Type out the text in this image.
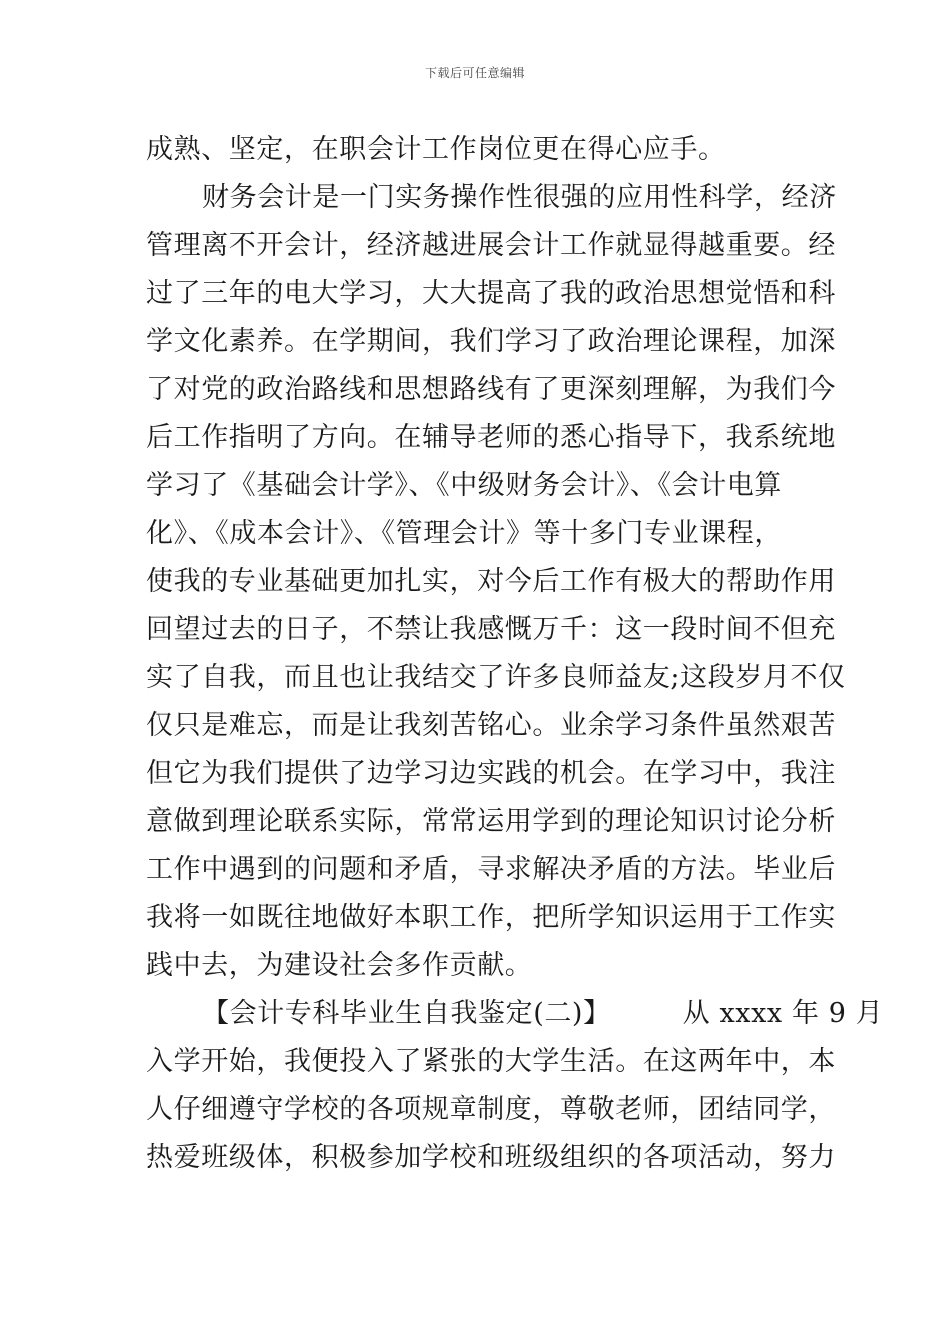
下载后可任意编辑
成熟、坚定，在职会计工作岗位更在得心应手。
财务会计是一门实务操作性很强的应用性科学，经济
管理离不开会计，经济越进展会计工作就显得越重要。经
过了三年的电大学习，大大提高了我的政治思想觉悟和科
学文化素养。在学期间，我们学习了政治理论课程，加深
了对党的政治路线和思想路线有了更深刻理解，为我们今
后工作指明了方向。在辅导老师的悉心指导下，我系统地
学习了《基础会计学》、《中级财务会计》、《会计电算
化》、《成本会计》、《管理会计》等十多门专业课程，
使我的专业基础更加扎实，对今后工作有极大的帮助作用
回望过去的日子，不禁让我感慨万千：这一段时间不但充
实了自我，而且也让我结交了许多良师益友;这段岁月不仅
仅只是难忘，而是让我刻苦铭心。业余学习条件虽然艰苦
但它为我们提供了边学习边实践的机会。在学习中，我注
意做到理论联系实际，常常运用学到的理论知识讨论分析
工作中遇到的问题和矛盾，寻求解决矛盾的方法。毕业后
我将一如既往地做好本职工作，把所学知识运用于工作实
践中去，为建设社会多作贡献。
【会计专科毕业生自我鉴定(二)】	从 xxxx 年 9 月
入学开始，我便投入了紧张的大学生活。在这两年中，本
人仔细遵守学校的各项规章制度，尊敬老师，团结同学，
热爱班级体，积极参加学校和班级组织的各项活动，努力
